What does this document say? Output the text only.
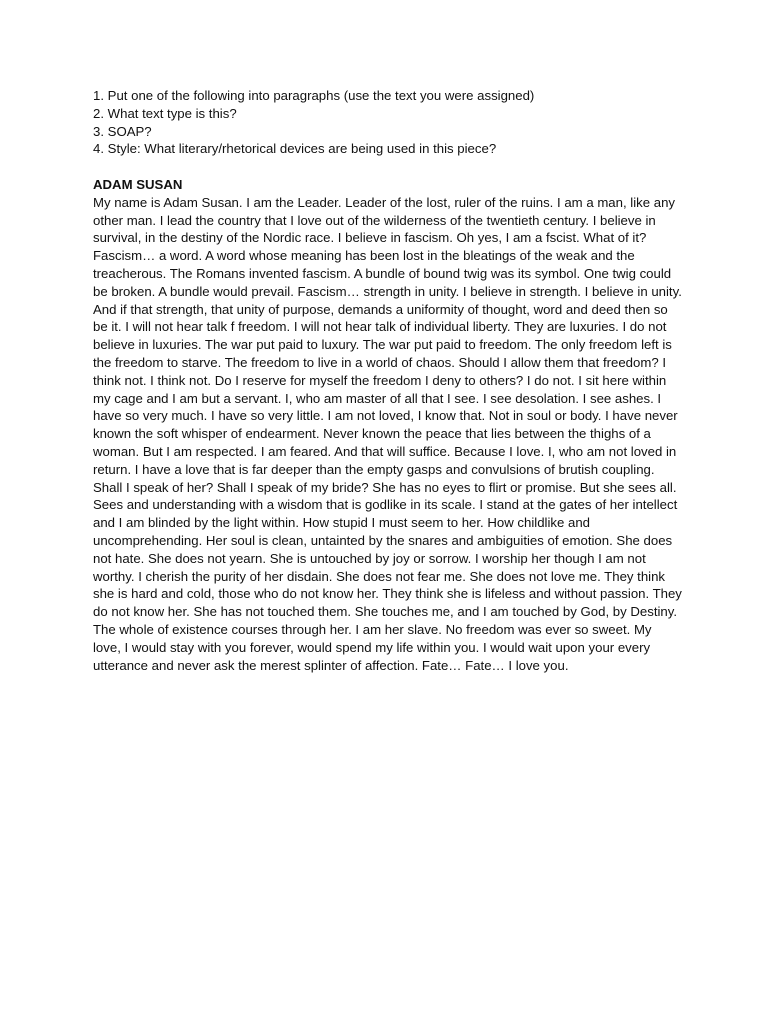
1. Put one of the following into paragraphs (use the text you were assigned)
2. What text type is this?
3. SOAP?
4. Style: What literary/rhetorical devices are being used in this piece?

ADAM SUSAN

My name is Adam Susan. I am the Leader. Leader of the lost, ruler of the ruins. I am a man, like any other man. I lead the country that I love out of the wilderness of the twentieth century. I believe in survival, in the destiny of the Nordic race. I believe in fascism. Oh yes, I am a fscist. What of it? Fascism… a word. A word whose meaning has been lost in the bleatings of the weak and the treacherous. The Romans invented fascism. A bundle of bound twig was its symbol. One twig could be broken. A bundle would prevail. Fascism… strength in unity. I believe in strength. I believe in unity. And if that strength, that unity of purpose, demands a uniformity of thought, word and deed then so be it. I will not hear talk f freedom. I will not hear talk of individual liberty. They are luxuries. I do not believe in luxuries. The war put paid to luxury. The war put paid to freedom. The only freedom left is the freedom to starve. The freedom to live in a world of chaos. Should I allow them that freedom? I think not. I think not. Do I reserve for myself the freedom I deny to others? I do not. I sit here within my cage and I am but a servant. I, who am master of all that I see. I see desolation. I see ashes. I have so very much. I have so very little. I am not loved, I know that. Not in soul or body. I have never known the soft whisper of endearment. Never known the peace that lies between the thighs of a woman. But I am respected. I am feared. And that will suffice. Because I love. I, who am not loved in return. I have a love that is far deeper than the empty gasps and convulsions of brutish coupling. Shall I speak of her? Shall I speak of my bride? She has no eyes to flirt or promise. But she sees all. Sees and understanding with a wisdom that is godlike in its scale. I stand at the gates of her intellect and I am blinded by the light within. How stupid I must seem to her. How childlike and uncomprehending. Her soul is clean, untainted by the snares and ambiguities of emotion. She does not hate. She does not yearn. She is untouched by joy or sorrow. I worship her though I am not worthy. I cherish the purity of her disdain. She does not fear me. She does not love me. They think she is hard and cold, those who do not know her. They think she is lifeless and without passion. They do not know her. She has not touched them. She touches me, and I am touched by God, by Destiny. The whole of existence courses through her. I am her slave. No freedom was ever so sweet. My love, I would stay with you forever, would spend my life within you. I would wait upon your every utterance and never ask the merest splinter of affection. Fate… Fate… I love you.
